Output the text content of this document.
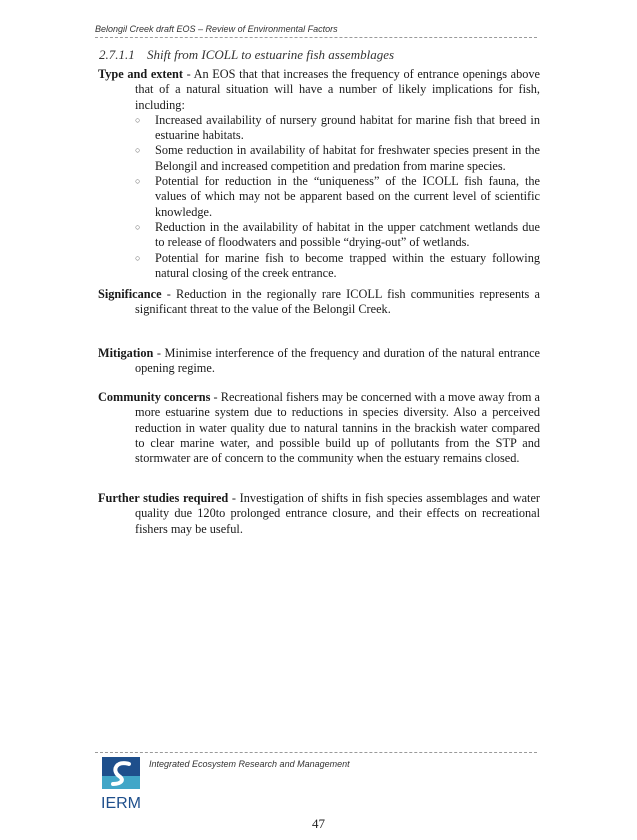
Belongil Creek draft EOS – Review of Environmental Factors
2.7.1.1 Shift from ICOLL to estuarine fish assemblages
Type and extent - An EOS that that increases the frequency of entrance openings above that of a natural situation will have a number of likely implications for fish, including:
○ Increased availability of nursery ground habitat for marine fish that breed in estuarine habitats.
○ Some reduction in availability of habitat for freshwater species present in the Belongil and increased competition and predation from marine species.
○ Potential for reduction in the “uniqueness” of the ICOLL fish fauna, the values of which may not be apparent based on the current level of scientific knowledge.
○ Reduction in the availability of habitat in the upper catchment wetlands due to release of floodwaters and possible “drying-out” of wetlands.
○ Potential for marine fish to become trapped within the estuary following natural closing of the creek entrance.
Significance - Reduction in the regionally rare ICOLL fish communities represents a significant threat to the value of the Belongil Creek.
Mitigation - Minimise interference of the frequency and duration of the natural entrance opening regime.
Community concerns - Recreational fishers may be concerned with a move away from a more estuarine system due to reductions in species diversity. Also a perceived reduction in water quality due to natural tannins in the brackish water compared to clear marine water, and possible build up of pollutants from the STP and stormwater are of concern to the community when the estuary remains closed.
Further studies required - Investigation of shifts in fish species assemblages and water quality due 120to prolonged entrance closure, and their effects on recreational fishers may be useful.
IERM
Integrated Ecosystem Research and Management
47
